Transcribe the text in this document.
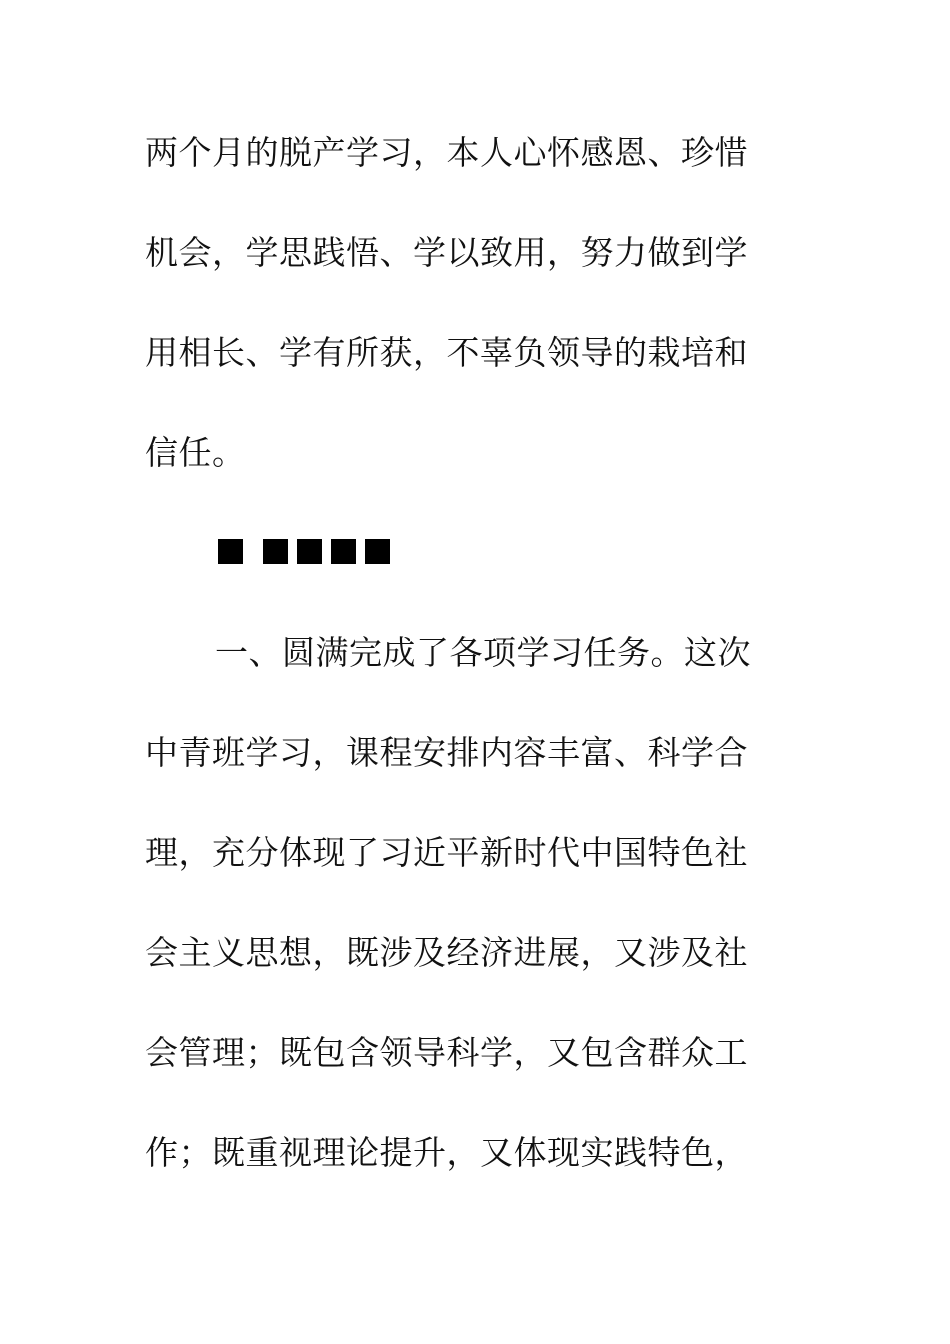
两个月的脱产学习，本人心怀感恩、珍惜
机会，学思践悟、学以致用，努力做到学
用相长、学有所获，不辜负领导的栽培和
信任。
一、圆满完成了各项学习任务。这次
中青班学习，课程安排内容丰富、科学合
理，充分体现了习近平新时代中国特色社
会主义思想，既涉及经济进展，又涉及社
会管理；既包含领导科学，又包含群众工
作；既重视理论提升，又体现实践特色，
